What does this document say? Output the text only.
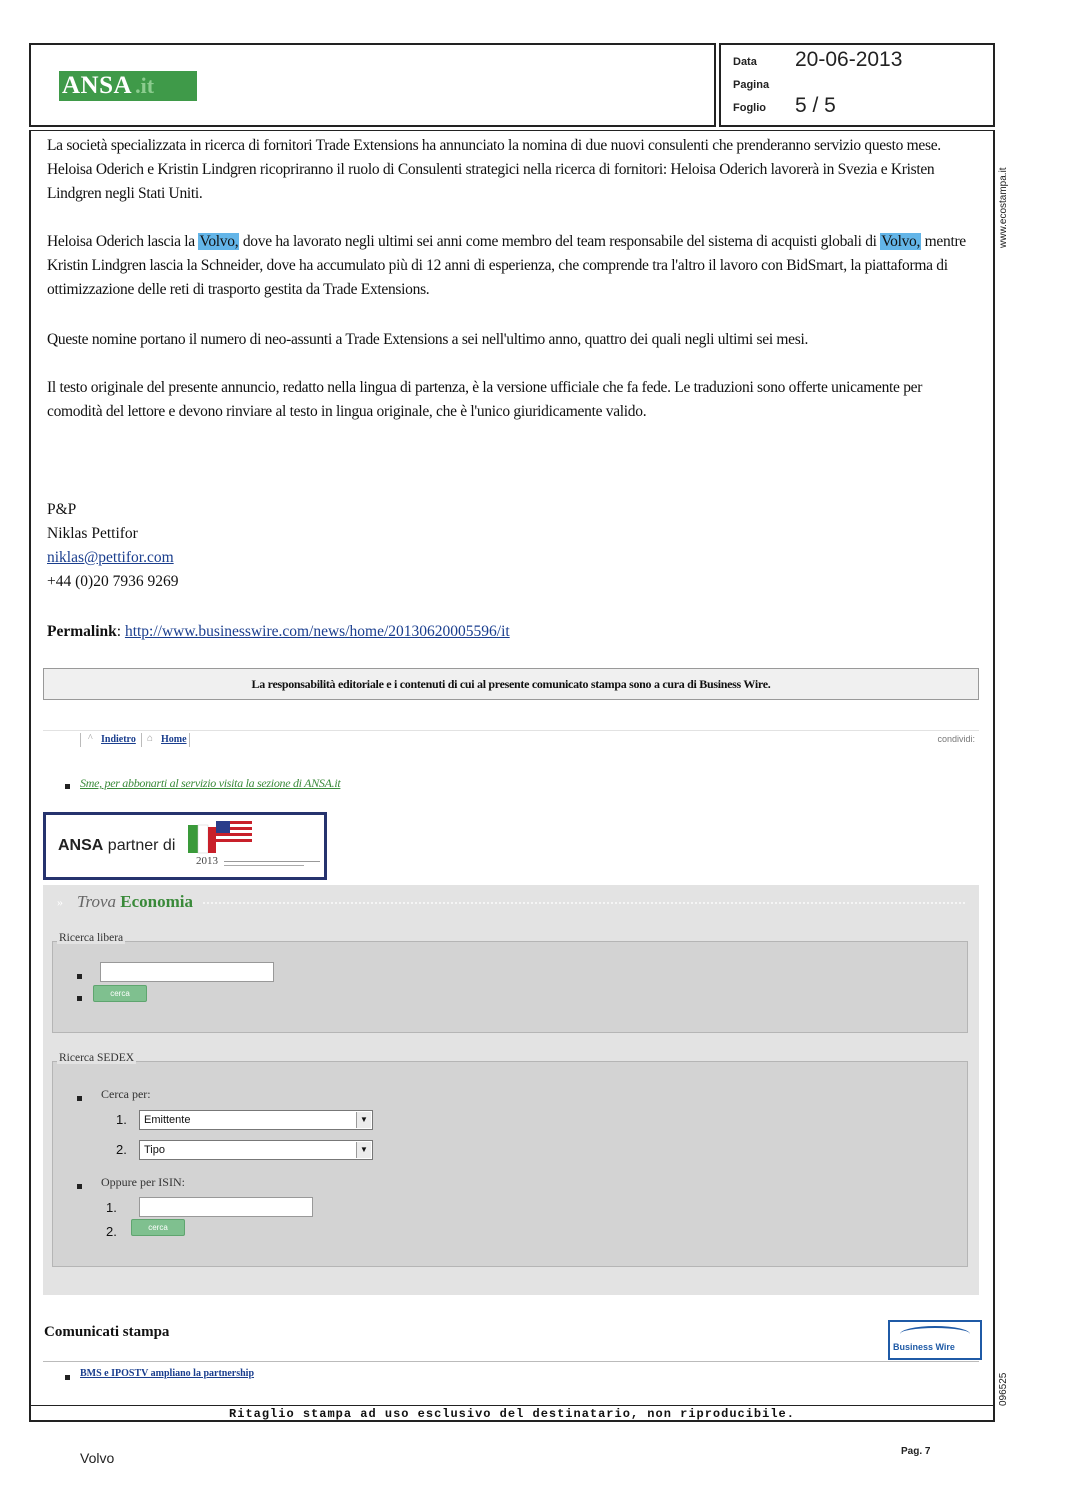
ANSA .it
Data 20-06-2013
Pagina
Foglio 5 / 5
www.ecostampa.it
096525
La società specializzata in ricerca di fornitori Trade Extensions ha annunciato la nomina di due nuovi consulenti che prenderanno servizio questo mese. Heloisa Oderich e Kristin Lindgren ricopriranno il ruolo di Consulenti strategici nella ricerca di fornitori: Heloisa Oderich lavorerà in Svezia e Kristen Lindgren negli Stati Uniti.
Heloisa Oderich lascia la Volvo, dove ha lavorato negli ultimi sei anni come membro del team responsabile del sistema di acquisti globali di Volvo, mentre Kristin Lindgren lascia la Schneider, dove ha accumulato più di 12 anni di esperienza, che comprende tra l'altro il lavoro con BidSmart, la piattaforma di ottimizzazione delle reti di trasporto gestita da Trade Extensions.
Queste nomine portano il numero di neo-assunti a Trade Extensions a sei nell'ultimo anno, quattro dei quali negli ultimi sei mesi.
Il testo originale del presente annuncio, redatto nella lingua di partenza, è la versione ufficiale che fa fede. Le traduzioni sono offerte unicamente per comodità del lettore e devono rinviare al testo in lingua originale, che è l'unico giuridicamente valido.
P&P
Niklas Pettifor
niklas@pettifor.com
+44 (0)20 7936 9269
Permalink: http://www.businesswire.com/news/home/20130620005596/it
La responsabilità editoriale e i contenuti di cui al presente comunicato stampa sono a cura di Business Wire.
^ Indietro ⌂ Home	condividi:
Sme, per abbonarti al servizio visita la sezione di ANSA.it
ANSA partner di
2013
» Trova Economia
Ricerca libera
cerca
Ricerca SEDEX
Cerca per:
1.	Emittente	▼
2.	Tipo	▼
Oppure per ISIN:
1.
2.	cerca
Comunicati stampa
Business Wire
BMS e IPOSTV ampliano la partnership
Ritaglio stampa ad uso esclusivo del destinatario, non riproducibile.
Volvo	Pag. 7
